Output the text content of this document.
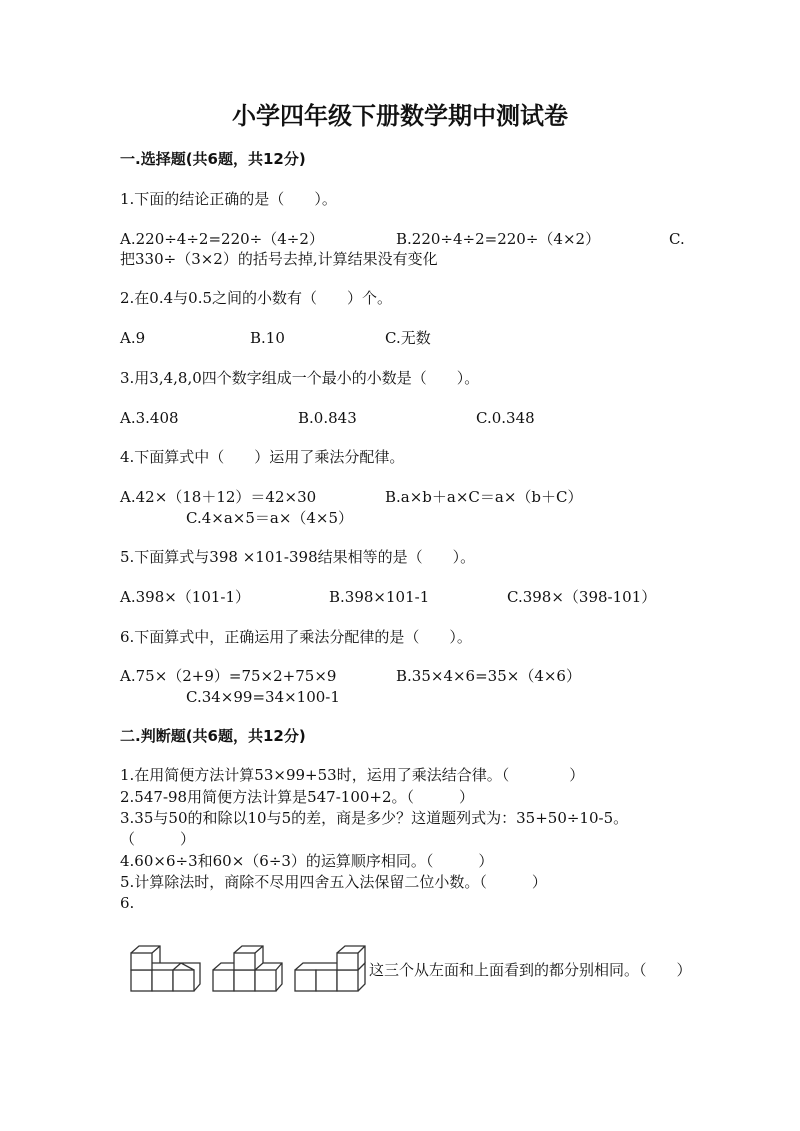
小学四年级下册数学期中测试卷
一.选择题(共6题，共12分)
1.下面的结论正确的是（　　）。
A.220÷4÷2=220÷（4÷2）	B.220÷4÷2=220÷（4×2）	C.
把330÷（3×2）的括号去掉,计算结果没有变化
2.在0.4与0.5之间的小数有（　　）个。
A.9	B.10	C.无数
3.用3,4,8,0四个数字组成一个最小的小数是（　　）。
A.3.408	B.0.843	C.0.348
4.下面算式中（　　）运用了乘法分配律。
A.42×（18＋12）＝42×30	B.a×b＋a×C＝a×（b＋C）
C.4×a×5＝a×（4×5）
5.下面算式与398 ×101-398结果相等的是（　　）。
A.398×（101-1）	B.398×101-1	C.398×（398-101）
6.下面算式中，正确运用了乘法分配律的是（　　）。
A.75×（2+9）=75×2+75×9	B.35×4×6=35×（4×6）
C.34×99=34×100-1
二.判断题(共6题，共12分)
1.在用简便方法计算53×99+53时，运用了乘法结合律。（　　　　）
2.547-98用简便方法计算是547-100+2。（　　　）
3.35与50的和除以10与5的差，商是多少？这道题列式为：35+50÷10-5。
（　　　）
4.60×6÷3和60×（6÷3）的运算顺序相同。（　　　）
5.计算除法时，商除不尽用四舍五入法保留二位小数。（　　　）
6.
这三个从左面和上面看到的都分别相同。（　　）
